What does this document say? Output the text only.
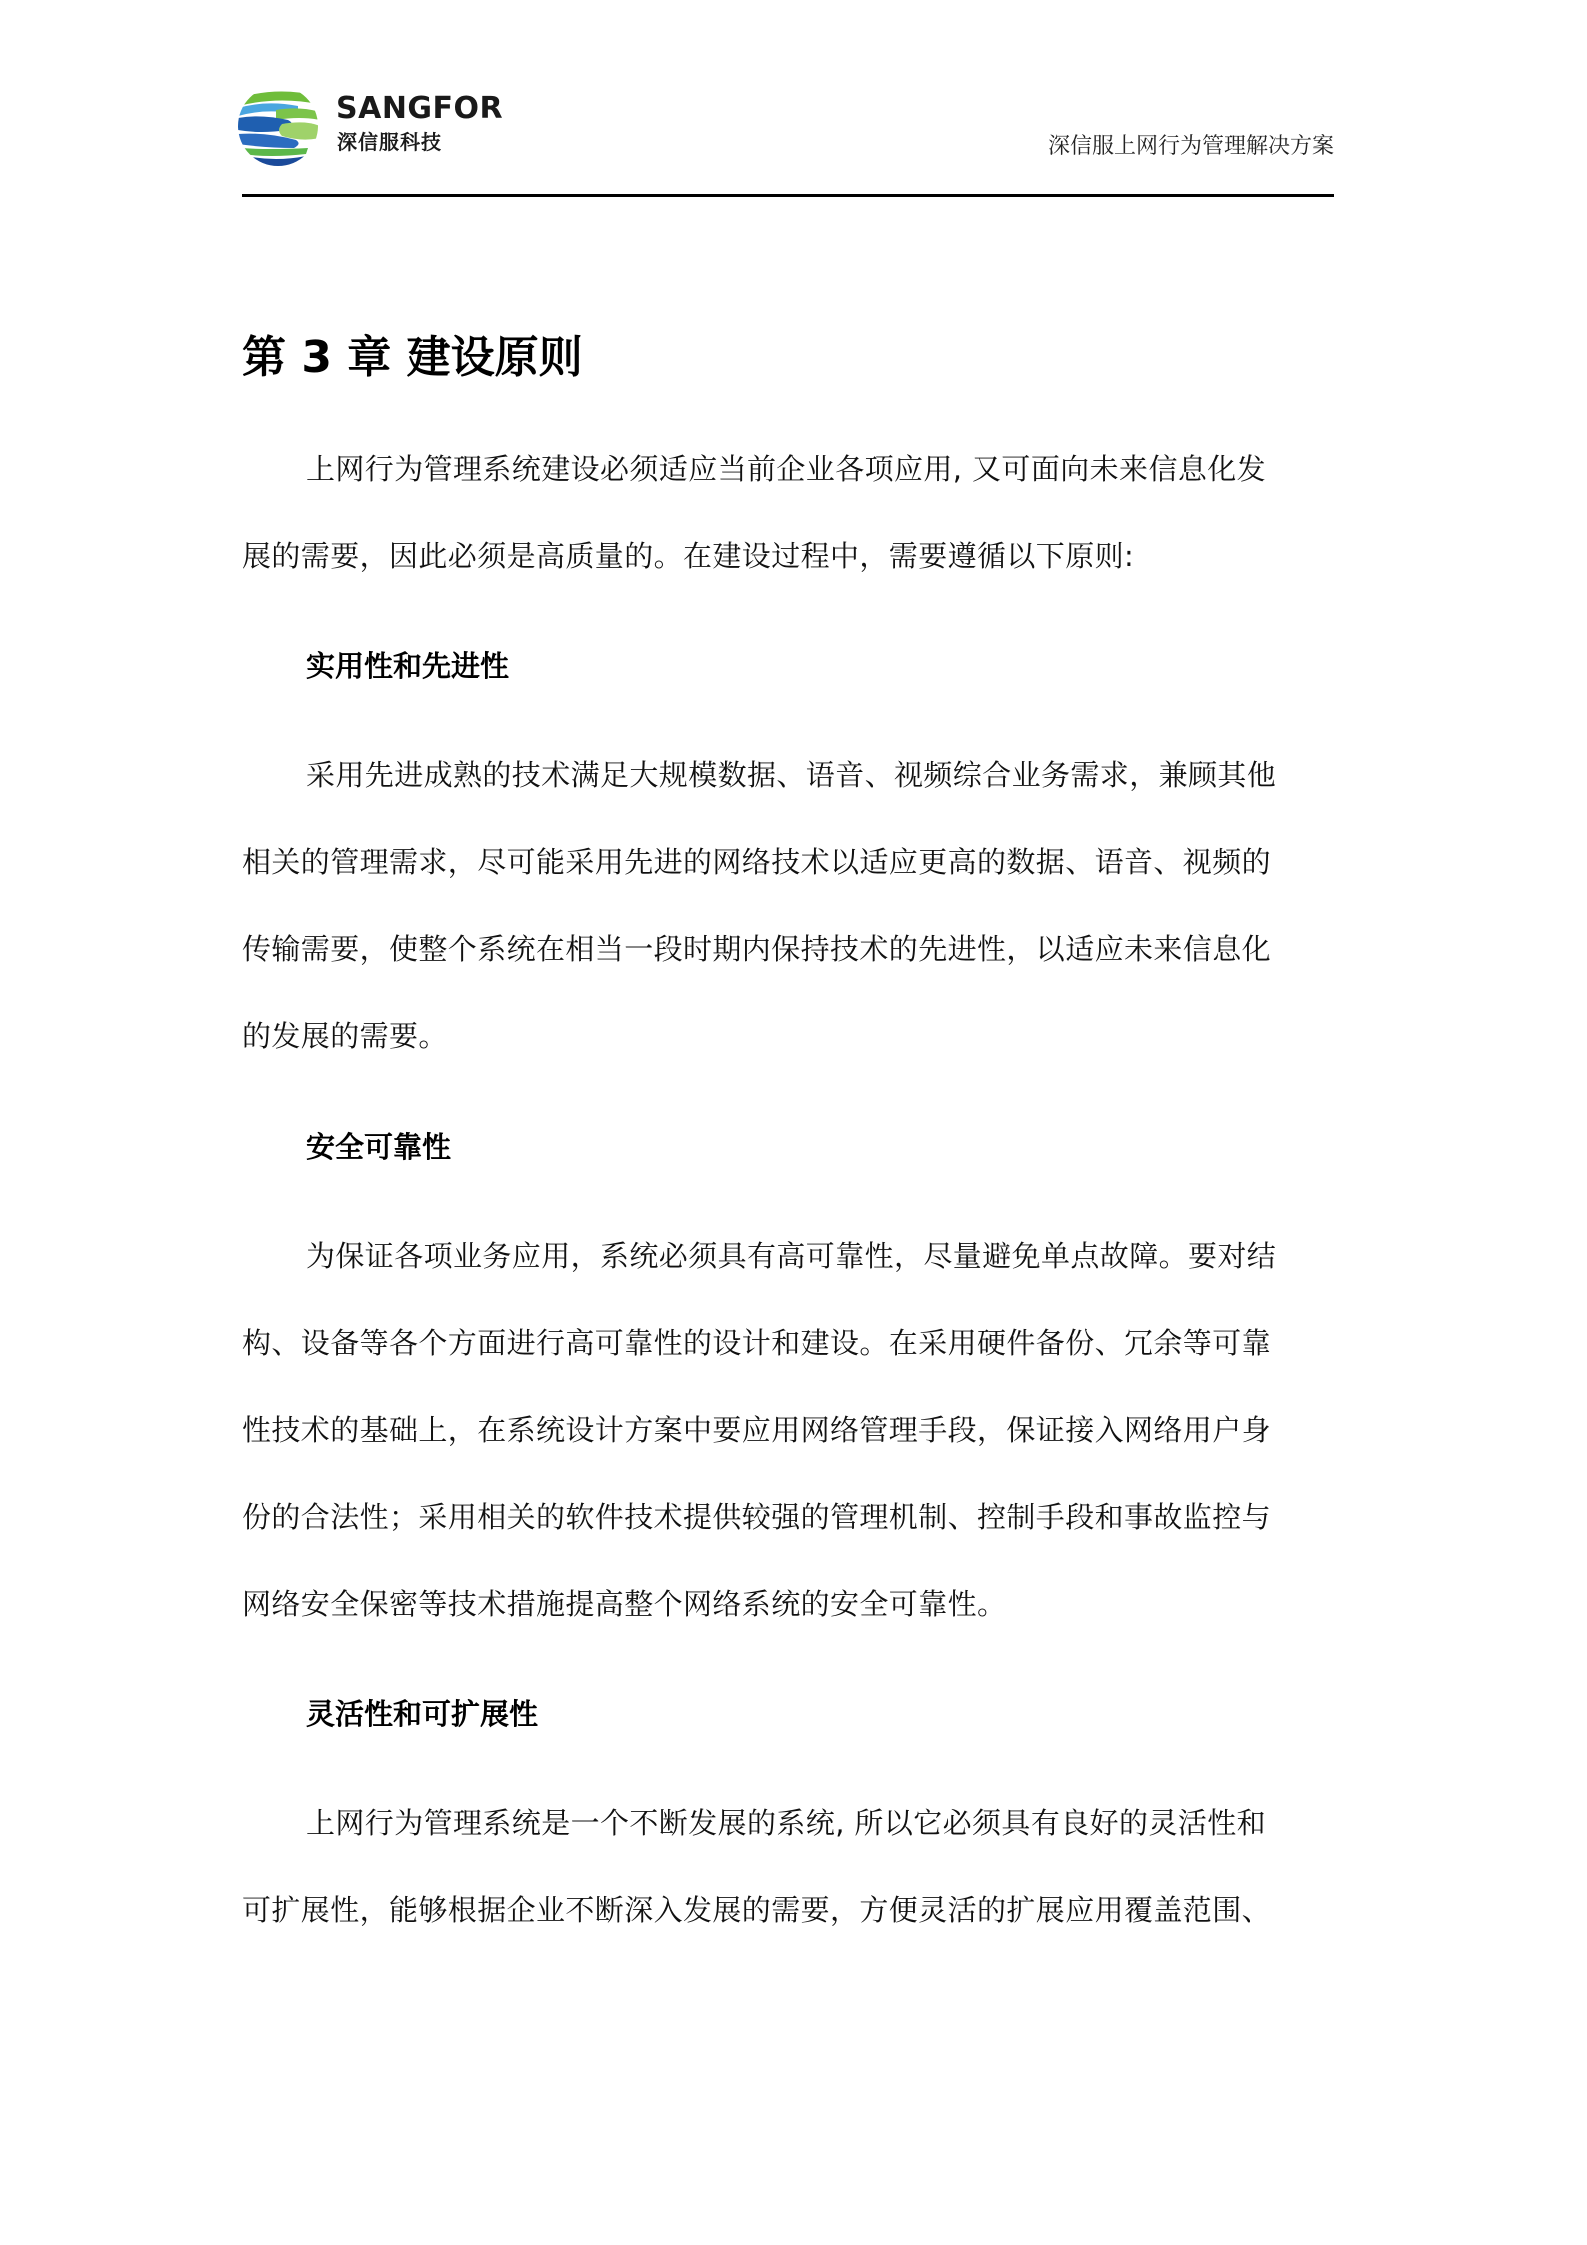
SANGFOR
深信服科技	深信服上网行为管理解决方案
第 3 章 建设原则
上网行为管理系统建设必须适应当前企业各项应用, 又可面向未来信息化发
展的需要，因此必须是高质量的。在建设过程中，需要遵循以下原则:
实用性和先进性
采用先进成熟的技术满足大规模数据、语音、视频综合业务需求，兼顾其他
相关的管理需求，尽可能采用先进的网络技术以适应更高的数据、语音、视频的
传输需要，使整个系统在相当一段时期内保持技术的先进性，以适应未来信息化
的发展的需要。
安全可靠性
为保证各项业务应用，系统必须具有高可靠性，尽量避免单点故障。要对结
构、设备等各个方面进行高可靠性的设计和建设。在采用硬件备份、冗余等可靠
性技术的基础上，在系统设计方案中要应用网络管理手段，保证接入网络用户身
份的合法性；采用相关的软件技术提供较强的管理机制、控制手段和事故监控与
网络安全保密等技术措施提高整个网络系统的安全可靠性。
灵活性和可扩展性
上网行为管理系统是一个不断发展的系统, 所以它必须具有良好的灵活性和
可扩展性，能够根据企业不断深入发展的需要，方便灵活的扩展应用覆盖范围、
